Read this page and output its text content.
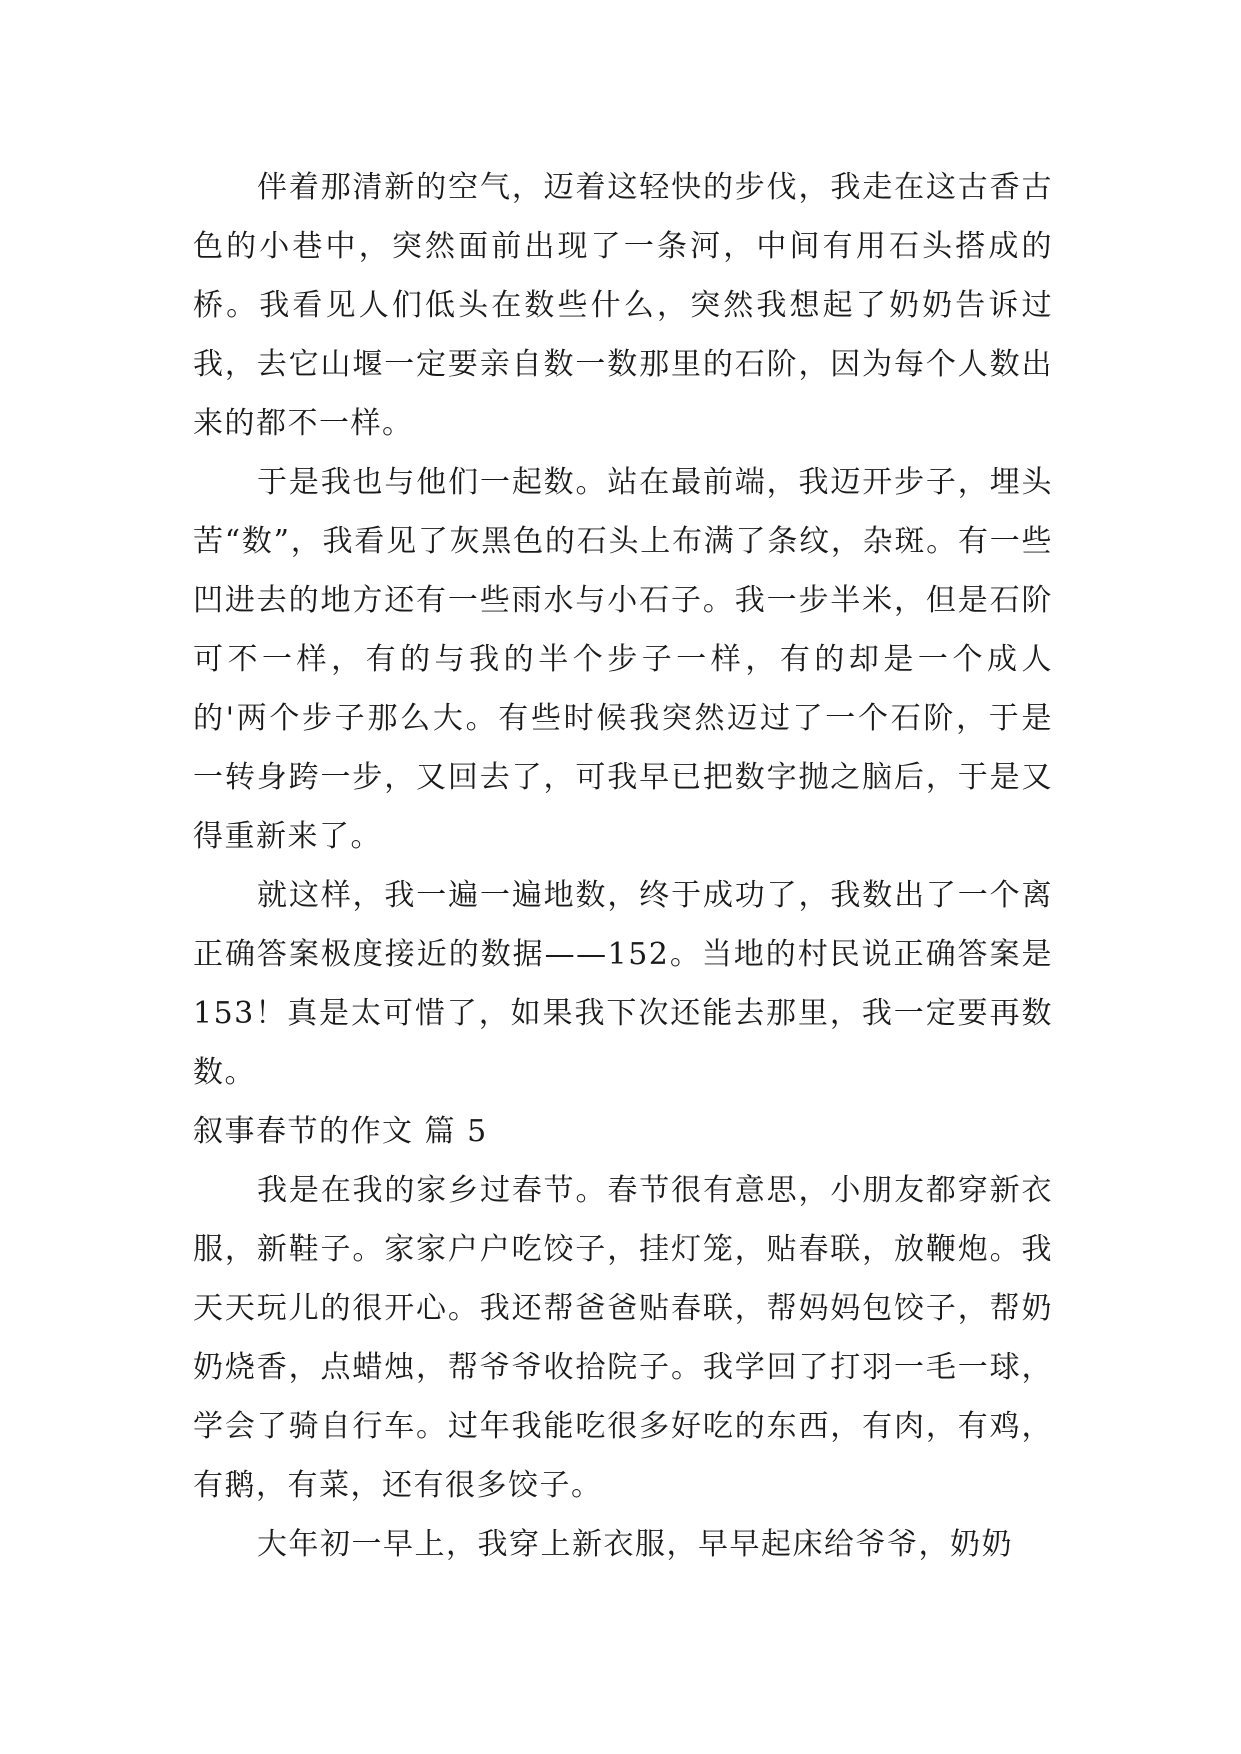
伴着那清新的空气，迈着这轻快的步伐，我走在这古香古色的小巷中，突然面前出现了一条河，中间有用石头搭成的桥。我看见人们低头在数些什么，突然我想起了奶奶告诉过我，去它山堰一定要亲自数一数那里的石阶，因为每个人数出来的都不一样。

于是我也与他们一起数。站在最前端，我迈开步子，埋头苦“数”，我看见了灰黑色的石头上布满了条纹，杂斑。有一些凹进去的地方还有一些雨水与小石子。我一步半米，但是石阶可不一样，有的与我的半个步子一样，有的却是一个成人的'两个步子那么大。有些时候我突然迈过了一个石阶，于是一转身跨一步，又回去了，可我早已把数字抛之脑后，于是又得重新来了。

就这样，我一遍一遍地数，终于成功了，我数出了一个离正确答案极度接近的数据——152。当地的村民说正确答案是 153！真是太可惜了，如果我下次还能去那里，我一定要再数数。

叙事春节的作文 篇 5

我是在我的家乡过春节。春节很有意思，小朋友都穿新衣服，新鞋子。家家户户吃饺子，挂灯笼，贴春联，放鞭炮。我天天玩儿的很开心。我还帮爸爸贴春联，帮妈妈包饺子，帮奶奶烧香，点蜡烛，帮爷爷收拾院子。我学回了打羽一毛一球，学会了骑自行车。过年我能吃很多好吃的东西，有肉，有鸡，有鹅，有菜，还有很多饺子。

大年初一早上，我穿上新衣服，早早起床给爷爷，奶奶
